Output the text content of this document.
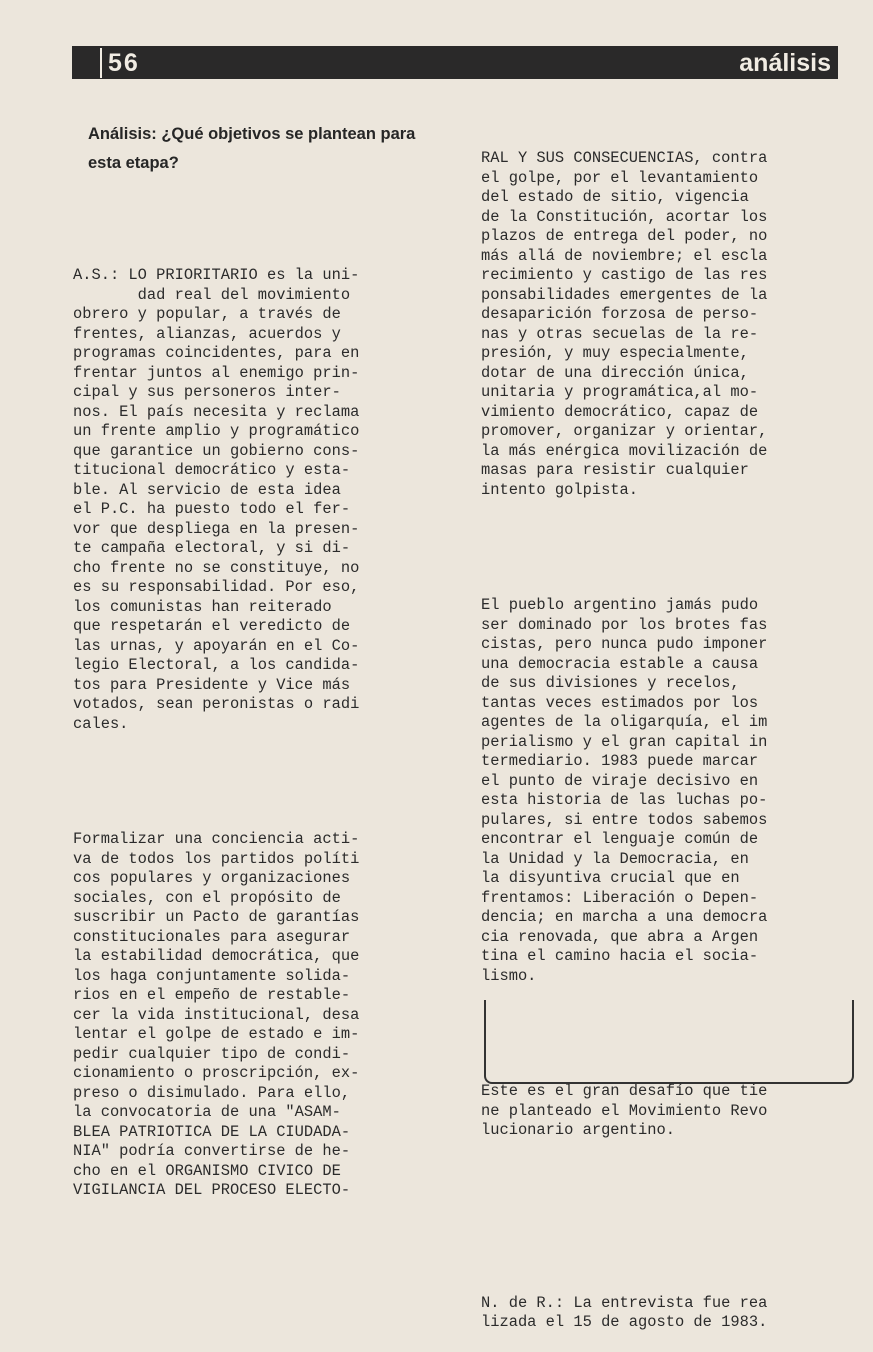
56	análisis
Análisis: ¿Qué objetivos se plantean para esta etapa?

A.S.: LO PRIORITARIO es la uni-
dad real del movimiento
obrero y popular, a través de
frentes, alianzas, acuerdos y
programas coincidentes, para en
frentar juntos al enemigo prin-
cipal y sus personeros inter-
nos. El país necesita y reclama
un frente amplio y programático
que garantice un gobierno cons-
titucional democrático y esta-
ble. Al servicio de esta idea
el P.C. ha puesto todo el fer-
vor que despliega en la presen-
te campaña electoral, y si di-
cho frente no se constituye, no
es su responsabilidad. Por eso,
los comunistas han reiterado
que respetarán el veredicto de
las urnas, y apoyarán en el Co-
legio Electoral, a los candida-
tos para Presidente y Vice más
votados, sean peronistas o radi
cales.

Formalizar una conciencia acti-
va de todos los partidos políti
cos populares y organizaciones
sociales, con el propósito de
suscribir un Pacto de garantías
constitucionales para asegurar
la estabilidad democrática, que
los haga conjuntamente solida-
rios en el empeño de restable-
cer la vida institucional, desa
lentar el golpe de estado e im-
pedir cualquier tipo de condi-
cionamiento o proscripción, ex-
preso o disimulado. Para ello,
la convocatoria de una "ASAM-
BLEA PATRIOTICA DE LA CIUDADA-
NIA" podría convertirse de he-
cho en el ORGANISMO CIVICO DE
VIGILANCIA DEL PROCESO ELECTO-

RAL Y SUS CONSECUENCIAS, contra
el golpe, por el levantamiento
del estado de sitio, vigencia
de la Constitución, acortar los
plazos de entrega del poder, no
más allá de noviembre; el escla
recimiento y castigo de las res
ponsabilidades emergentes de la
desaparición forzosa de perso-
nas y otras secuelas de la re-
presión, y muy especialmente,
dotar de una dirección única,
unitaria y programática,al mo-
vimiento democrático, capaz de
promover, organizar y orientar,
la más enérgica movilización de
masas para resistir cualquier
intento golpista.

El pueblo argentino jamás pudo
ser dominado por los brotes fas
cistas, pero nunca pudo imponer
una democracia estable a causa
de sus divisiones y recelos,
tantas veces estimados por los
agentes de la oligarquía, el im
perialismo y el gran capital in
termediario. 1983 puede marcar
el punto de viraje decisivo en
esta historia de las luchas po-
pulares, si entre todos sabemos
encontrar el lenguaje común de
la Unidad y la Democracia, en
la disyuntiva crucial que en
frentamos: Liberación o Depen-
dencia; en marcha a una democra
cia renovada, que abra a Argen
tina el camino hacia el socia-
lismo.

Este es el gran desafío que tie
ne planteado el Movimiento Revo
lucionario argentino.

N. de R.: La entrevista fue rea
lizada el 15 de agosto de 1983.
